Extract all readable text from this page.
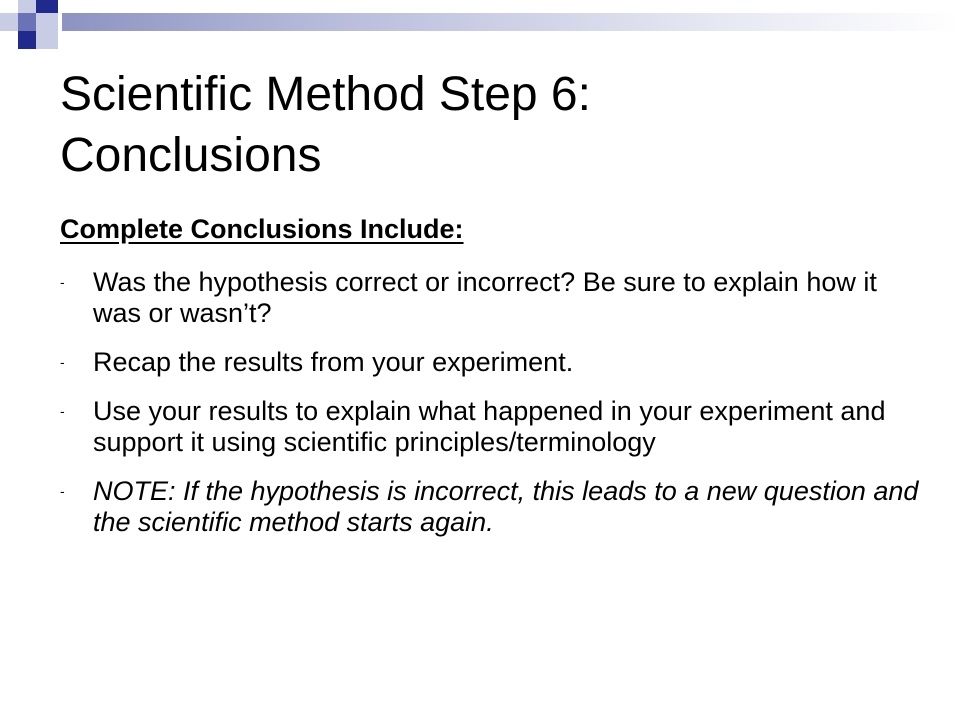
Scientific Method Step 6:
Conclusions
Complete Conclusions Include:
- Was the hypothesis correct or incorrect? Be sure to explain how it was or wasn’t?
- Recap the results from your experiment.
- Use your results to explain what happened in your experiment and support it using scientific principles/terminology
- NOTE: If the hypothesis is incorrect, this leads to a new question and the scientific method starts again.
